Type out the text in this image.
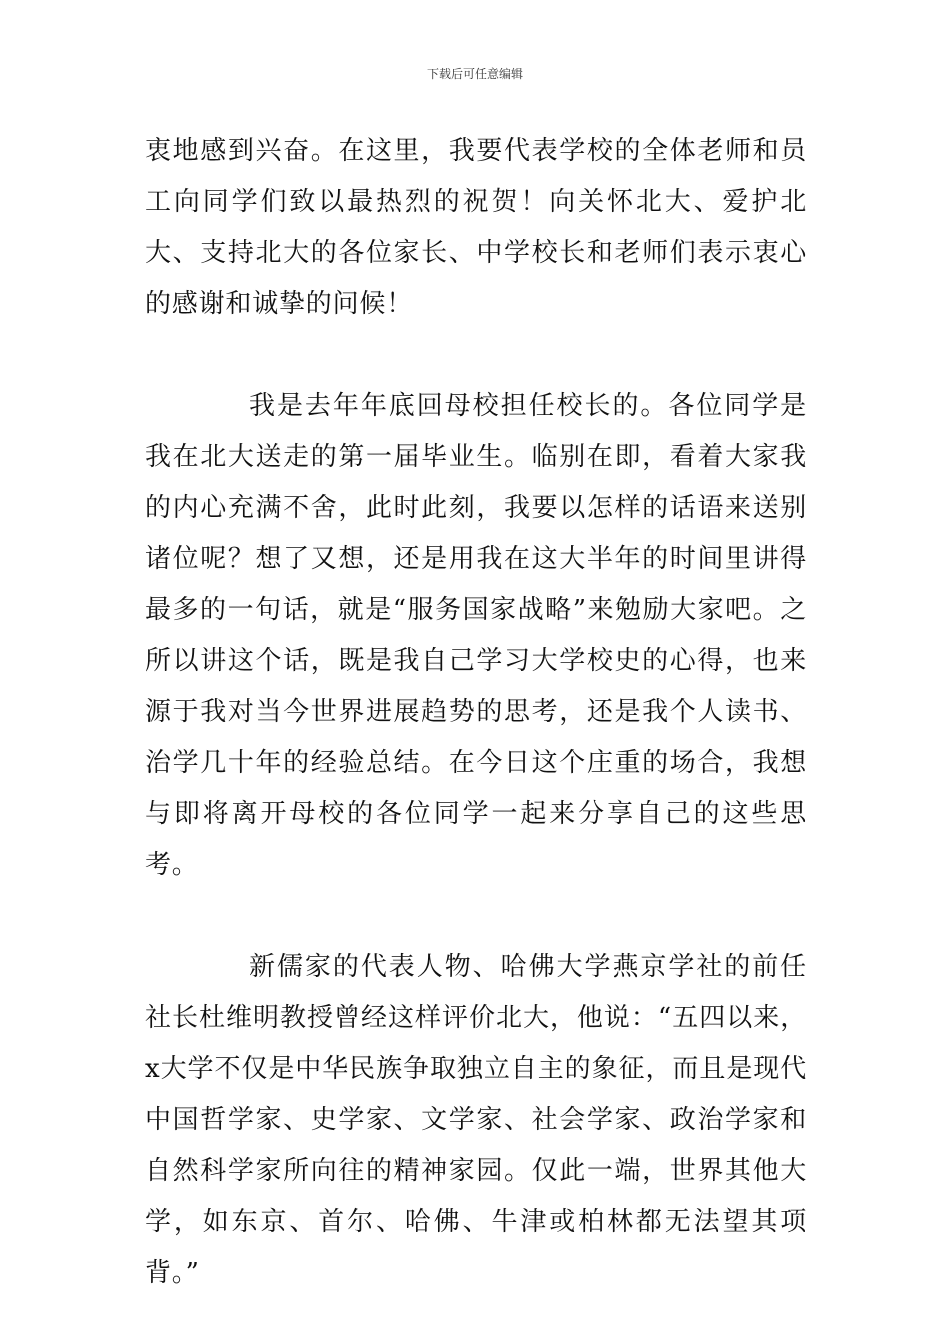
下载后可任意编辑

衷地感到兴奋。在这里，我要代表学校的全体老师和员工向同学们致以最热烈的祝贺！向关怀北大、爱护北大、支持北大的各位家长、中学校长和老师们表示衷心的感谢和诚挚的问候！

我是去年年底回母校担任校长的。各位同学是我在北大送走的第一届毕业生。临别在即，看着大家我的内心充满不舍，此时此刻，我要以怎样的话语来送别诸位呢？想了又想，还是用我在这大半年的时间里讲得最多的一句话，就是“服务国家战略”来勉励大家吧。之所以讲这个话，既是我自己学习大学校史的心得，也来源于我对当今世界进展趋势的思考，还是我个人读书、治学几十年的经验总结。在今日这个庄重的场合，我想与即将离开母校的各位同学一起来分享自己的这些思考。

新儒家的代表人物、哈佛大学燕京学社的前任社长杜维明教授曾经这样评价北大，他说：“五四以来，x大学不仅是中华民族争取独立自主的象征，而且是现代中国哲学家、史学家、文学家、社会学家、政治学家和自然科学家所向往的精神家园。仅此一端，世界其他大学，如东京、首尔、哈佛、牛津或柏林都无法望其项背。”
